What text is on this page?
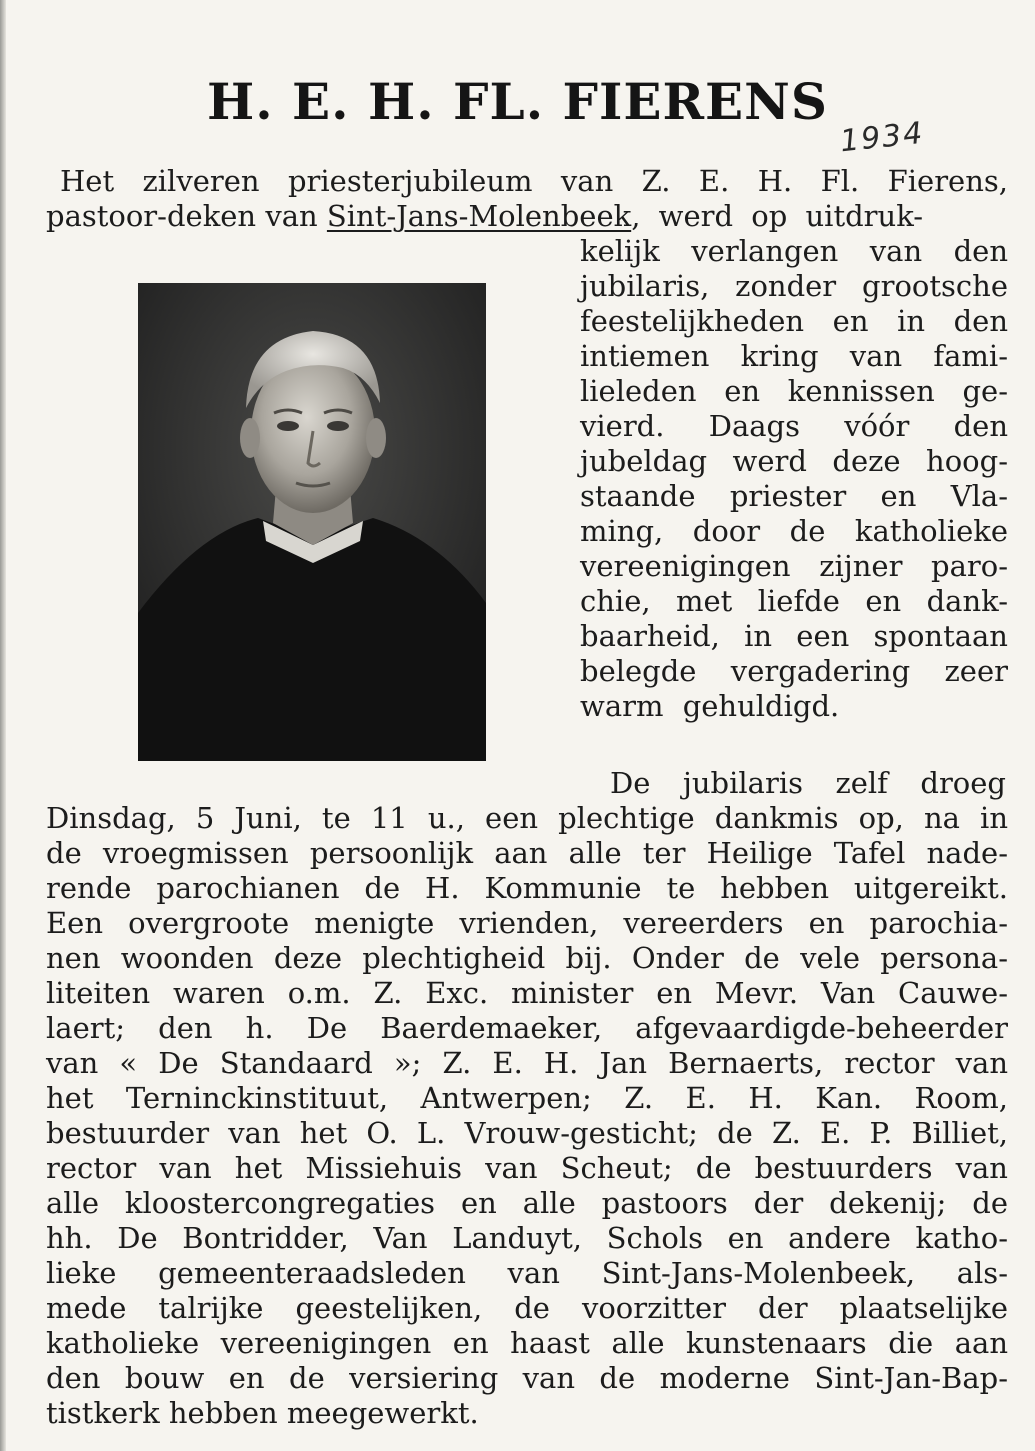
H. E. H. FL. FIERENS
1934
Het zilveren priesterjubileum van Z. E. H. Fl. Fierens,
pastoor-deken van Sint-Jans-Molenbeek, werd op uitdruk-
kelijk verlangen van den
jubilaris, zonder grootsche
feestelijkheden en in den
intiemen kring van fami-
lieleden en kennissen ge-
vierd. Daags vóór den
jubeldag werd deze hoog-
staande priester en Vla-
ming, door de katholieke
vereenigingen zijner paro-
chie, met liefde en dank-
baarheid, in een spontaan
belegde vergadering zeer
warm gehuldigd.
De jubilaris zelf droeg
Dinsdag, 5 Juni, te 11 u., een plechtige dankmis op, na in
de vroegmissen persoonlijk aan alle ter Heilige Tafel nade-
rende parochianen de H. Kommunie te hebben uitgereikt.
Een overgroote menigte vrienden, vereerders en parochia-
nen woonden deze plechtigheid bij. Onder de vele persona-
liteiten waren o.m. Z. Exc. minister en Mevr. Van Cauwe-
laert; den h. De Baerdemaeker, afgevaardigde-beheerder
van « De Standaard »; Z. E. H. Jan Bernaerts, rector van
het Terninckinstituut, Antwerpen; Z. E. H. Kan. Room,
bestuurder van het O. L. Vrouw-gesticht; de Z. E. P. Billiet,
rector van het Missiehuis van Scheut; de bestuurders van
alle kloostercongregaties en alle pastoors der dekenij; de
hh. De Bontridder, Van Landuyt, Schols en andere katho-
lieke gemeenteraadsleden van Sint-Jans-Molenbeek, als-
mede talrijke geestelijken, de voorzitter der plaatselijke
katholieke vereenigingen en haast alle kunstenaars die aan
den bouw en de versiering van de moderne Sint-Jan-Bap-
tistkerk hebben meegewerkt.
